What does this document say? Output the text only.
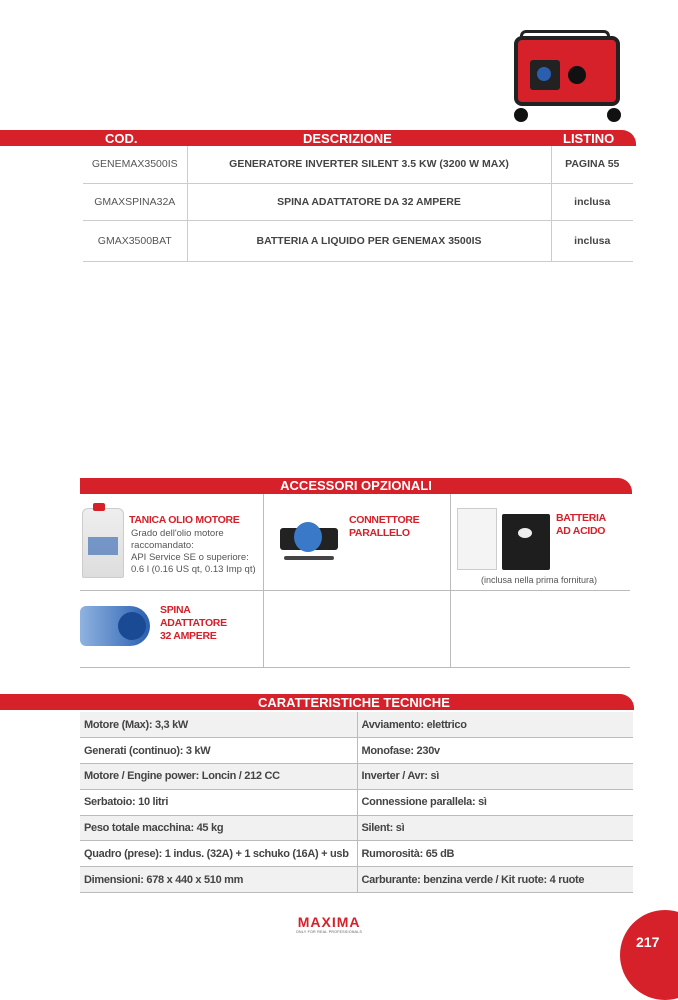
COD.	DESCRIZIONE	LISTINO
GENEMAX3500IS	GENERATORE INVERTER SILENT 3.5 KW (3200 W MAX)	PAGINA 55
GMAXSPINA32A	SPINA ADATTATORE DA 32 AMPERE	inclusa
GMAX3500BAT	BATTERIA A LIQUIDO PER GENEMAX 3500IS	inclusa
ACCESSORI OPZIONALI
TANICA OLIO MOTORE
Grado dell'olio motore
raccomandato:
API Service SE o superiore:
0.6 l (0.16 US qt, 0.13 Imp qt)
CONNETTORE
PARALLELO
BATTERIA
AD ACIDO
(inclusa nella prima fornitura)
SPINA
ADATTATORE
32 AMPERE
CARATTERISTICHE TECNICHE
Motore (Max): 3,3 kW	Avviamento: elettrico
Generati (continuo): 3 kW	Monofase: 230v
Motore / Engine power: Loncin / 212 CC	Inverter / Avr: sì
Serbatoio: 10 litri	Connessione parallela: sì
Peso totale macchina: 45 kg	Silent: sì
Quadro (prese): 1 indus. (32A) + 1 schuko (16A) + usb	Rumorosità: 65 dB
Dimensioni: 678 x 440 x 510 mm	Carburante: benzina verde / Kit ruote: 4 ruote
MAXIMA
ONLY FOR REAL PROFESSIONALS
217
